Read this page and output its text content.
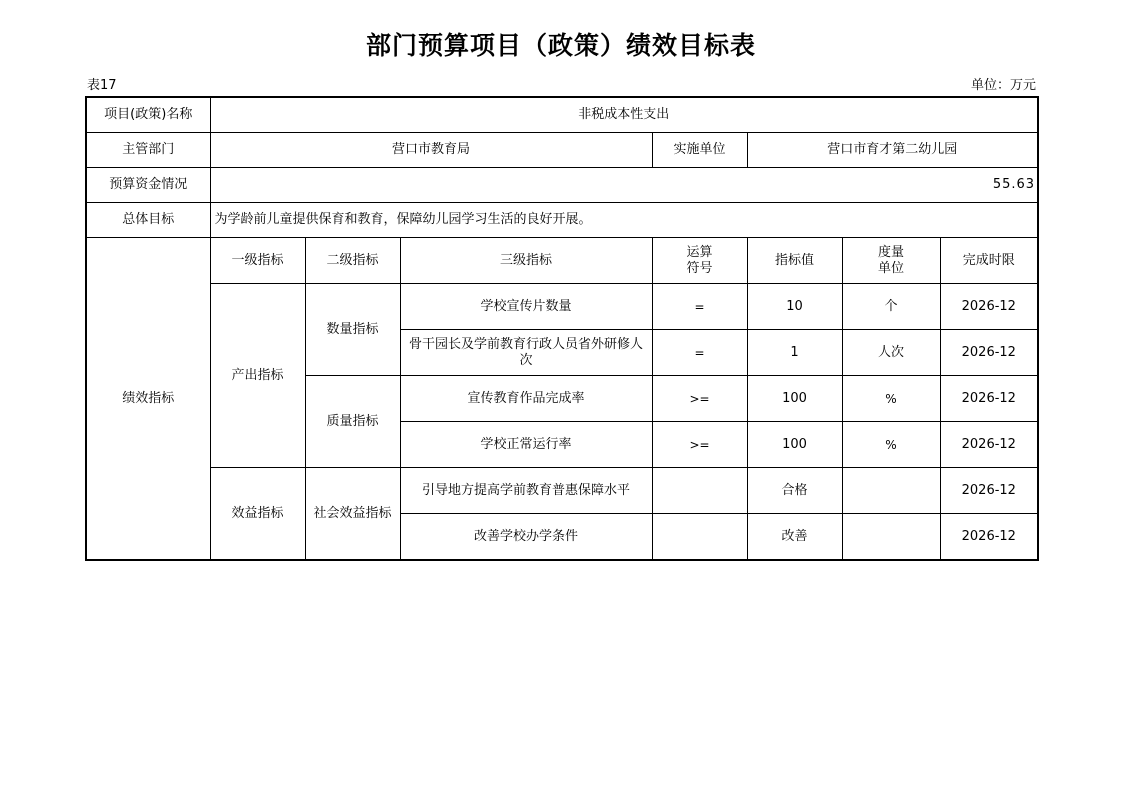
部门预算项目（政策）绩效目标表
表17	单位：万元
项目(政策)名称	非税成本性支出						
主管部门	营口市教育局			实施单位	营口市育才第二幼儿园		
预算资金情况	55.63						
总体目标	为学龄前儿童提供保育和教育，保障幼儿园学习生活的良好开展。						
绩效指标	一级指标	二级指标	三级指标	运算符号	指标值	度量单位	完成时限
	产出指标	数量指标	学校宣传片数量	=	10	个	2026-12
			骨干园长及学前教育行政人员省外研修人次	=	1	人次	2026-12
		质量指标	宣传教育作品完成率	>=	100	%	2026-12
			学校正常运行率	>=	100	%	2026-12
	效益指标	社会效益指标	引导地方提高学前教育普惠保障水平		合格		2026-12
			改善学校办学条件		改善		2026-12
